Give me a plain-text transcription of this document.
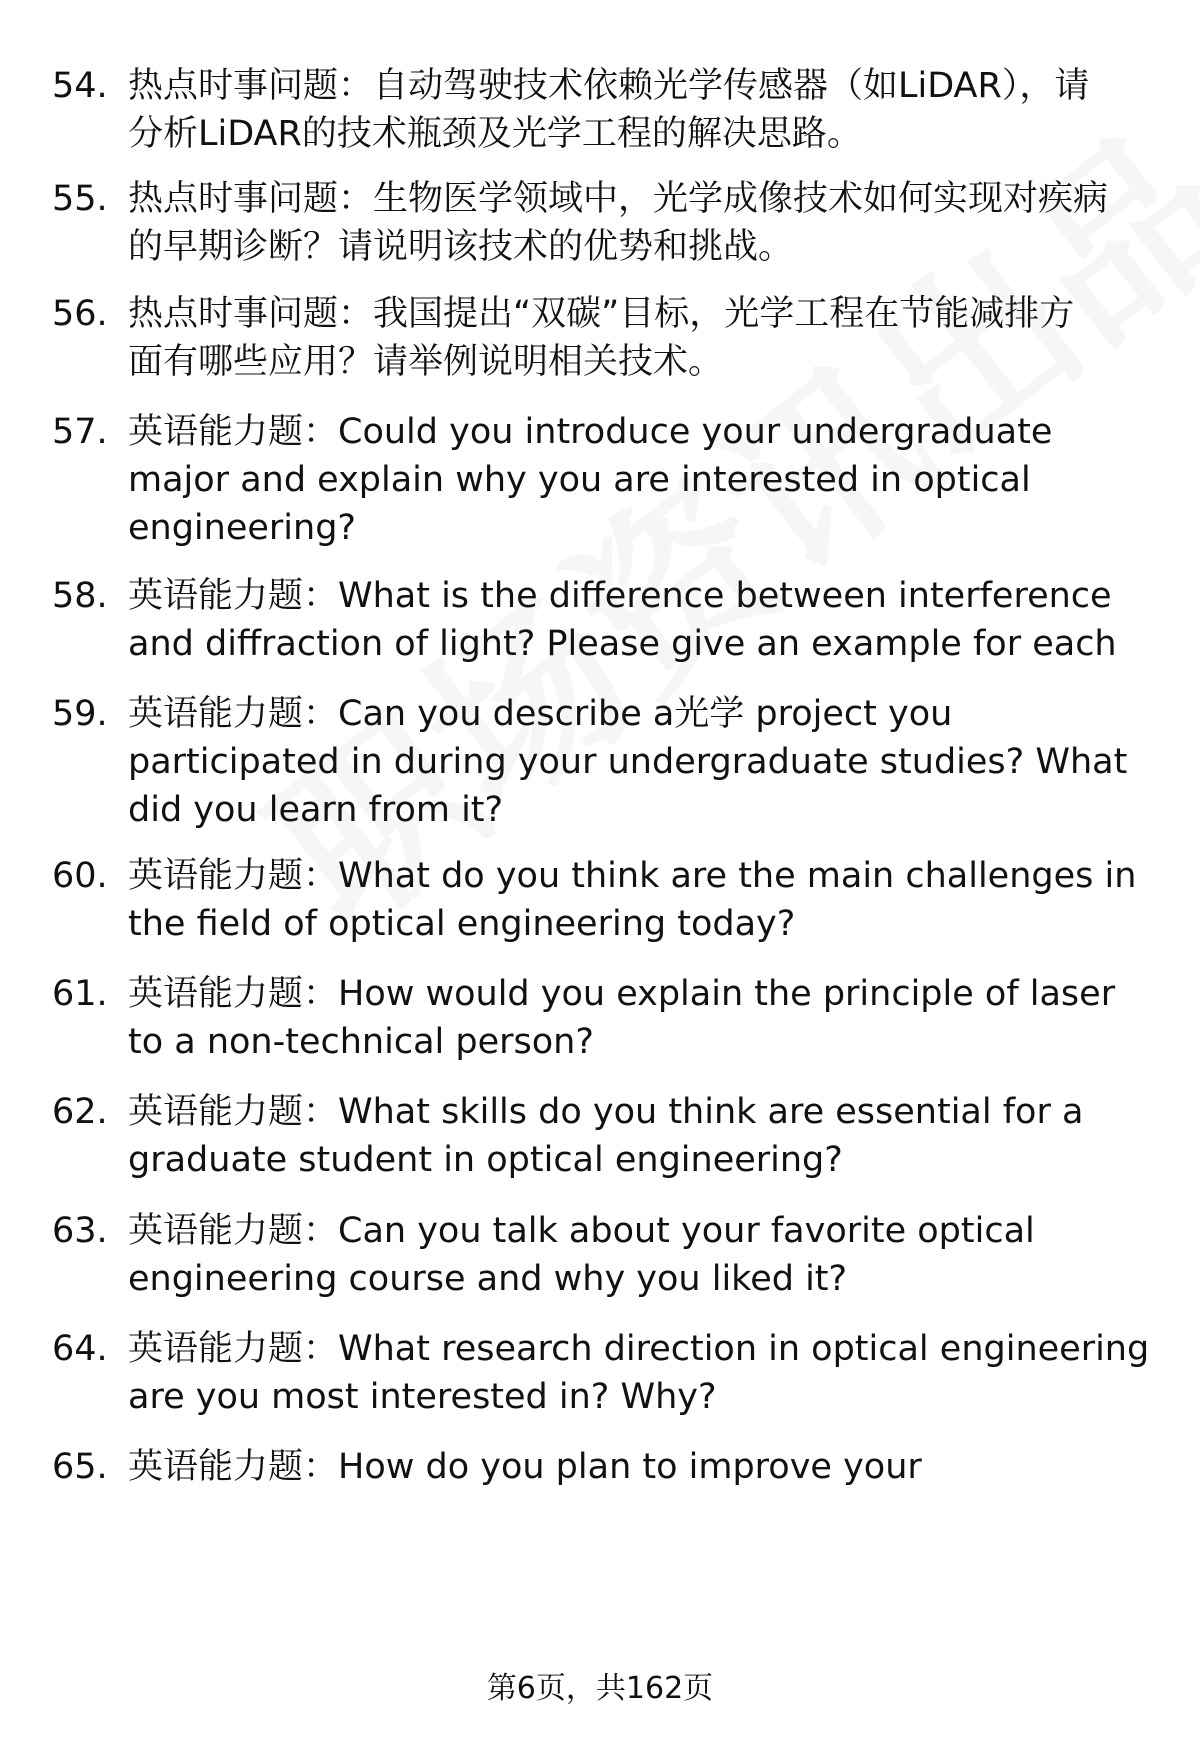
54. 热点时事问题：自动驾驶技术依赖光学传感器（如LiDAR），请
分析LiDAR的技术瓶颈及光学工程的解决思路。
55. 热点时事问题：生物医学领域中，光学成像技术如何实现对疾病
的早期诊断？请说明该技术的优势和挑战。
56. 热点时事问题：我国提出“双碳”目标，光学工程在节能减排方
面有哪些应用？请举例说明相关技术。
57. 英语能力题：Could you introduce your undergraduate
major and explain why you are interested in optical
engineering?
58. 英语能力题：What is the difference between interference
and diffraction of light? Please give an example for each
59. 英语能力题：Can you describe a光学 project you
participated in during your undergraduate studies? What
did you learn from it?
60. 英语能力题：What do you think are the main challenges in
the field of optical engineering today?
61. 英语能力题：How would you explain the principle of laser
to a non-technical person?
62. 英语能力题：What skills do you think are essential for a
graduate student in optical engineering?
63. 英语能力题：Can you talk about your favorite optical
engineering course and why you liked it?
64. 英语能力题：What research direction in optical engineering
are you most interested in? Why?
65. 英语能力题：How do you plan to improve your
第6页，共162页
